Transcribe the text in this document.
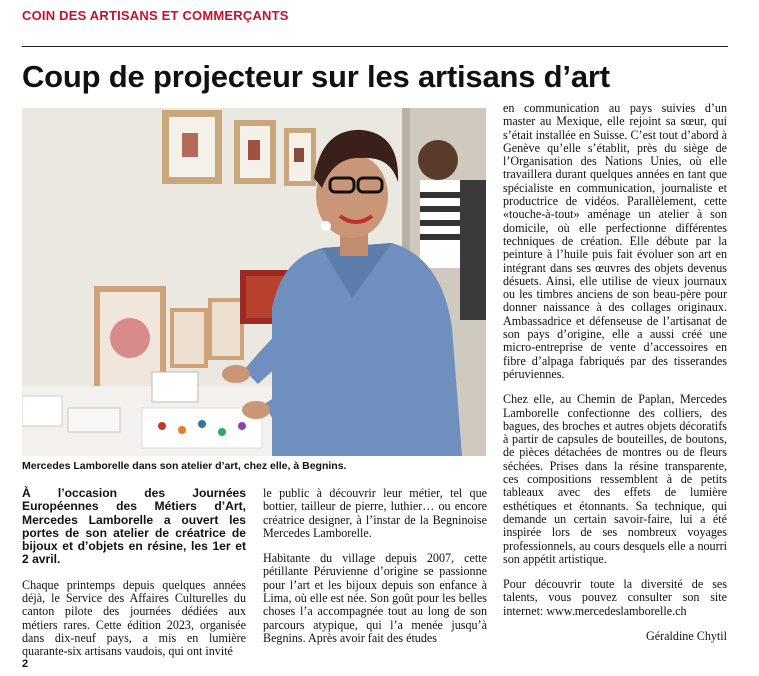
COIN DES ARTISANS ET COMMERÇANTS
Coup de projecteur sur les artisans d’art
Mercedes Lamborelle dans son atelier d’art, chez elle, à Begnins.

À l’occasion des Journées Européennes des Métiers d’Art, Mercedes Lamborelle a ouvert les portes de son atelier de créatrice de bijoux et d’objets en résine, les 1er et 2 avril.

Chaque printemps depuis quelques années déjà, le Service des Affaires Culturelles du canton pilote des journées dédiées aux métiers rares. Cette édition 2023, organisée dans dix-neuf pays, a mis en lumière quarante-six artisans vaudois, qui ont invité

le public à découvrir leur métier, tel que bottier, tailleur de pierre, luthier… ou encore créatrice designer, à l’instar de la Begninoise Mercedes Lamborelle.

Habitante du village depuis 2007, cette pétillante Péruvienne d’origine se passionne pour l’art et les bijoux depuis son enfance à Lima, où elle est née. Son goût pour les belles choses l’a accompagnée tout au long de son parcours atypique, qui l’a menée jusqu’à Begnins. Après avoir fait des études

en communication au pays suivies d’un master au Mexique, elle rejoint sa sœur, qui s’était installée en Suisse. C’est tout d’abord à Genève qu’elle s’établit, près du siège de l’Organisation des Nations Unies, où elle travaillera durant quelques années en tant que spécialiste en communication, journaliste et productrice de vidéos. Parallèlement, cette «touche-à-tout» aménage un atelier à son domicile, où elle perfectionne différentes techniques de création. Elle débute par la peinture à l’huile puis fait évoluer son art en intégrant dans ses œuvres des objets devenus désuets. Ainsi, elle utilise de vieux journaux ou les timbres anciens de son beau-père pour donner naissance à des collages originaux. Ambassadrice et défenseuse de l’artisanat de son pays d’origine, elle a aussi créé une micro-entreprise de vente d’accessoires en fibre d’alpaga fabriqués par des tisserandes péruviennes.

Chez elle, au Chemin de Paplan, Mercedes Lamborelle confectionne des colliers, des bagues, des broches et autres objets décoratifs à partir de capsules de bouteilles, de boutons, de pièces détachées de montres ou de fleurs séchées. Prises dans la résine transparente, ces compositions ressemblent à de petits tableaux avec des effets de lumière esthétiques et étonnants. Sa technique, qui demande un certain savoir-faire, lui a été inspirée lors de ses nombreux voyages professionnels, au cours desquels elle a nourri son appétit artistique.

Pour découvrir toute la diversité de ses talents, vous pouvez consulter son site internet: www.mercedeslamborelle.ch

Géraldine Chytil
2
